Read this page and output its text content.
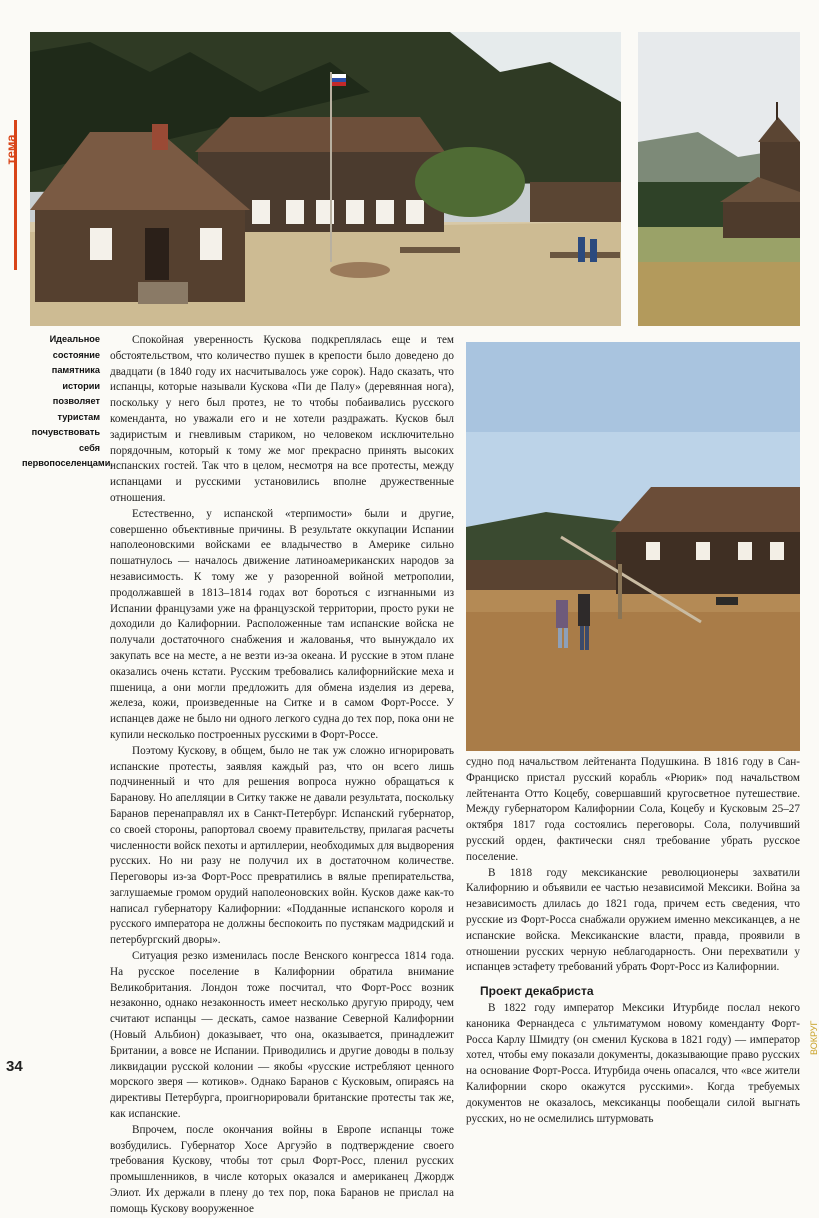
тема
Идеальное состояние памятника истории позволяет туристам почувствовать себя первопоселенцами.

Спокойная уверенность Кускова подкреплялась еще и тем обстоятельством, что количество пушек в крепости было доведено до двадцати (в 1840 году их насчитывалось уже сорок). Надо сказать, что испанцы, которые называли Кускова «Пи де Палу» (деревянная нога), поскольку у него был протез, не то чтобы побаивались русского коменданта, но уважали его и не хотели раздражать. Кусков был задиристым и гневливым стариком, но человеком исключительно порядочным, который к тому же мог прекрасно принять высоких испанских гостей. Так что в целом, несмотря на все протесты, между испанцами и русскими установились вполне дружественные отношения.

Естественно, у испанской «терпимости» были и другие, совершенно объективные причины. В результате оккупации Испании наполеоновскими войсками ее владычество в Америке сильно пошатнулось — началось движение латиноамериканских народов за независимость. К тому же у разоренной войной метрополии, продолжавшей в 1813–1814 годах вот бороться с изгнанными из Испании французами уже на французской территории, просто руки не доходили до Калифорнии. Расположенные там испанские войска не получали достаточного снабжения и жалованья, что вынуждало их закупать все на месте, а не везти из-за океана. И русские в этом плане оказались очень кстати. Русским требовались калифорнийские меха и пшеница, а они могли предложить для обмена изделия из дерева, железа, кожи, произведенные на Ситке и в самом Форт-Россе. У испанцев даже не было ни одного легкого судна до тех пор, пока они не купили несколько построенных русскими в Форт-Россе.

Поэтому Кускову, в общем, было не так уж сложно игнорировать испанские протесты, заявляя каждый раз, что он всего лишь подчиненный и что для решения вопроса нужно обращаться к Баранову. Но апелляции в Ситку также не давали результата, поскольку Баранов перенаправлял их в Санкт-Петербург. Испанский губернатор, со своей стороны, рапортовал своему правительству, прилагая расчеты численности войск пехоты и артиллерии, необходимых для выдворения русских. Но ни разу не получил их в достаточном количестве. Переговоры из-за Форт-Росс превратились в вялые препирательства, заглушаемые громом орудий наполеоновских войн. Кусков даже как-то написал губернатору Калифорнии: «Подданные испанского короля и русского императора не должны беспокоить по пустякам мадридский и петербургский дворы».

Ситуация резко изменилась после Венского конгресса 1814 года. На русское поселение в Калифорнии обратила внимание Великобритания. Лондон тоже посчитал, что Форт-Росс возник незаконно, однако незаконность имеет несколько другую природу, чем считают испанцы — дескать, самое название Северной Калифорнии (Новый Альбион) доказывает, что она, оказывается, принадлежит Британии, а вовсе не Испании. Приводились и другие доводы в пользу ликвидации русской колонии — якобы «русские истребляют ценного морского зверя — котиков». Однако Баранов с Кусковым, опираясь на директивы Петербурга, проигнорировали британские протесты так же, как испанские.

Впрочем, после окончания войны в Европе испанцы тоже возбудились. Губернатор Хосе Аргуэйо в подтверждение своего требования Кускову, чтобы тот срыл Форт-Росс, пленил русских промышленников, в числе которых оказался и американец Джордж Элиот. Их держали в плену до тех пор, пока Баранов не прислал на помощь Кускову вооруженное

судно под начальством лейтенанта Подушкина. В 1816 году в Сан-Франциско пристал русский корабль «Рюрик» под начальством лейтенанта Отто Коцебу, совершавший кругосветное путешествие. Между губернатором Калифорнии Сола, Коцебу и Кусковым 25–27 октября 1817 года состоялись переговоры. Сола, получивший русский орден, фактически снял требование убрать русское поселение.

В 1818 году мексиканские революционеры захватили Калифорнию и объявили ее частью независимой Мексики. Война за независимость длилась до 1821 года, причем есть сведения, что русские из Форт-Росса снабжали оружием именно мексиканцев, а не испанские войска. Мексиканские власти, правда, проявили в отношении русских черную неблагодарность. Они перехватили у испанцев эстафету требований убрать Форт-Росс из Калифорнии.

Проект декабриста

В 1822 году император Мексики Итурбиде послал некого каноника Фернандеса с ультиматумом новому коменданту Форт-Росса Карлу Шмидту (он сменил Кускова в 1821 году) — император хотел, чтобы ему показали документы, доказывающие право русских на основание Форт-Росса. Итурбида очень опасался, что «все жители Калифорнии скоро окажутся русскими». Когда требуемых документов не оказалось, мексиканцы пообещали силой выгнать русских, но не осмелились штурмовать

34
ВОКРУГ
